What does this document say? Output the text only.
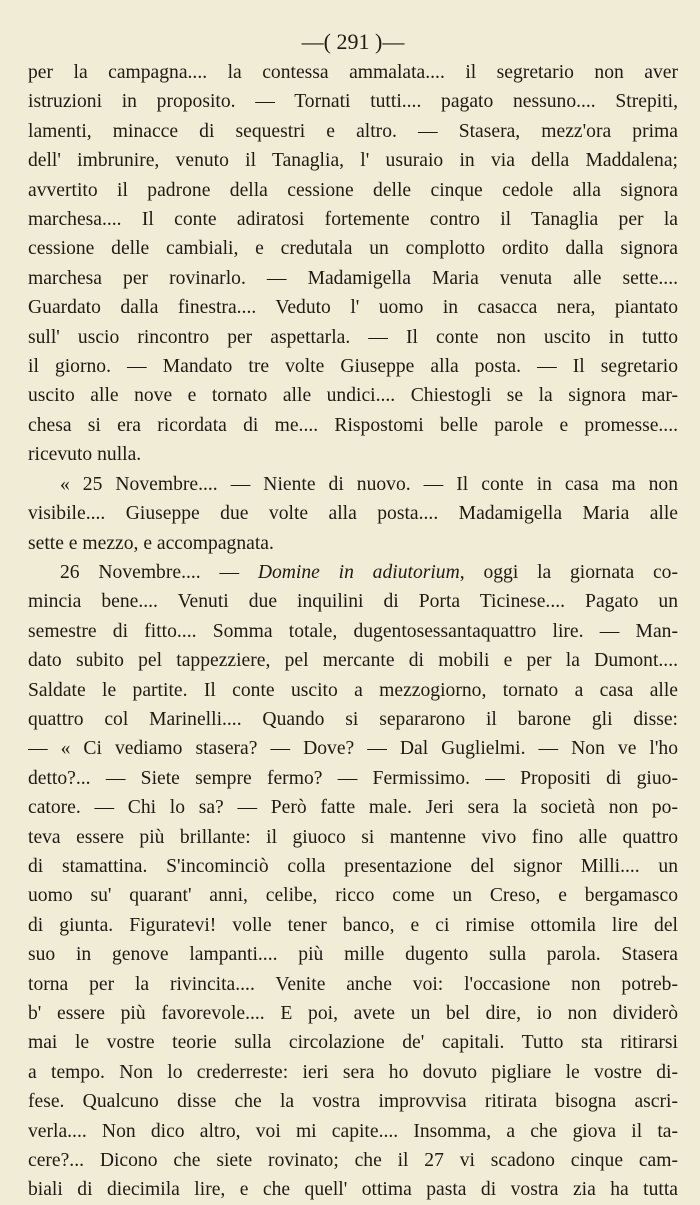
—( 291 )—
per la campagna.... la contessa ammalata.... il segretario non aver
istruzioni in proposito. — Tornati tutti.... pagato nessuno.... Strepiti,
lamenti, minacce di sequestri e altro. — Stasera, mezz'ora prima
dell' imbrunire, venuto il Tanaglia, l' usuraio in via della Maddalena;
avvertito il padrone della cessione delle cinque cedole alla signora
marchesa.... Il conte adiratosi fortemente contro il Tanaglia per la
cessione delle cambiali, e credutala un complotto ordito dalla signora
marchesa per rovinarlo. — Madamigella Maria venuta alle sette....
Guardato dalla finestra.... Veduto l' uomo in casacca nera, piantato
sull' uscio rincontro per aspettarla. — Il conte non uscito in tutto
il giorno. — Mandato tre volte Giuseppe alla posta. — Il segretario
uscito alle nove e tornato alle undici.... Chiestogli se la signora mar-
chesa si era ricordata di me.... Rispostomi belle parole e promesse....
ricevuto nulla.
« 25 Novembre.... — Niente di nuovo. — Il conte in casa ma non
visibile.... Giuseppe due volte alla posta.... Madamigella Maria alle
sette e mezzo, e accompagnata.
26 Novembre.... — Domine in adiutorium, oggi la giornata co-
mincia bene.... Venuti due inquilini di Porta Ticinese.... Pagato un
semestre di fitto.... Somma totale, dugentosessantaquattro lire. — Man-
dato subito pel tappezziere, pel mercante di mobili e per la Dumont....
Saldate le partite. Il conte uscito a mezzogiorno, tornato a casa alle
quattro col Marinelli.... Quando si separarono il barone gli disse:
— « Ci vediamo stasera? — Dove? — Dal Guglielmi. — Non ve l'ho
detto?... — Siete sempre fermo? — Fermissimo. — Propositi di giuo-
catore. — Chi lo sa? — Però fatte male. Jeri sera la società non po-
teva essere più brillante: il giuoco si mantenne vivo fino alle quattro
di stamattina. S'incominciò colla presentazione del signor Milli.... un
uomo su' quarant' anni, celibe, ricco come un Creso, e bergamasco
di giunta. Figuratevi! volle tener banco, e ci rimise ottomila lire del
suo in genove lampanti.... più mille dugento sulla parola. Stasera
torna per la rivincita.... Venite anche voi: l'occasione non potreb-
b' essere più favorevole.... E poi, avete un bel dire, io non dividerò
mai le vostre teorie sulla circolazione de' capitali. Tutto sta ritirarsi
a tempo. Non lo crederreste: ieri sera ho dovuto pigliare le vostre di-
fese. Qualcuno disse che la vostra improvvisa ritirata bisogna ascri-
verla.... Non dico altro, voi mi capite.... Insomma, a che giova il ta-
cere?... Dicono che siete rovinato; che il 27 vi scadono cinque cam-
biali di diecimila lire, e che quell' ottima pasta di vostra zia ha tutta
